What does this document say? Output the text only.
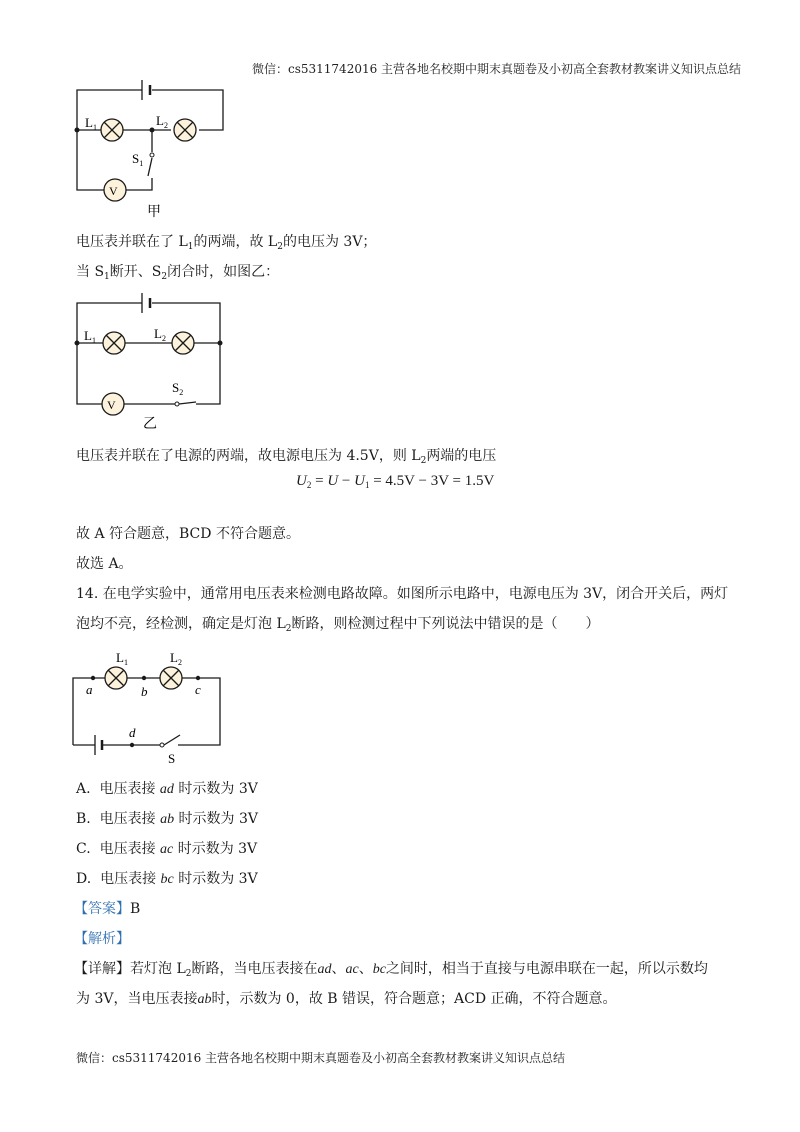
微信：cs5311742016 主营各地名校期中期末真题卷及小初高全套教材教案讲义知识点总结
$L_1$	$L_2$
$S_1$
V
甲
电压表并联在了 $L_1$的两端，故 $L_2$的电压为 3V；
当 $S_1$断开、$S_2$闭合时，如图乙：
$L_1$	$L_2$
$S_2$
V
乙
电压表并联在了电源的两端，故电源电压为 4.5V，则 $L_2$两端的电压
$U_2 = U - U_1 = 4.5V - 3V = 1.5V$
故 A 符合题意，BCD 不符合题意。
故选 A。
14. 在电学实验中，通常用电压表来检测电路故障。如图所示电路中，电源电压为 3V，闭合开关后，两灯
泡均不亮，经检测，确定是灯泡 $L_2$断路，则检测过程中下列说法中错误的是（　　）
$L_1$	$L_2$
a	b	c
d
S
A. 电压表接 ad 时示数为 3V
B. 电压表接 ab 时示数为 3V
C. 电压表接 ac 时示数为 3V
D. 电压表接 bc 时示数为 3V
【答案】B
【解析】
【详解】若灯泡 $L_2$断路，当电压表接在ad、ac、bc之间时，相当于直接与电源串联在一起，所以示数均
为 3V，当电压表接ab时，示数为 0，故 B 错误，符合题意；ACD 正确，不符合题意。
微信：cs5311742016 主营各地名校期中期末真题卷及小初高全套教材教案讲义知识点总结
